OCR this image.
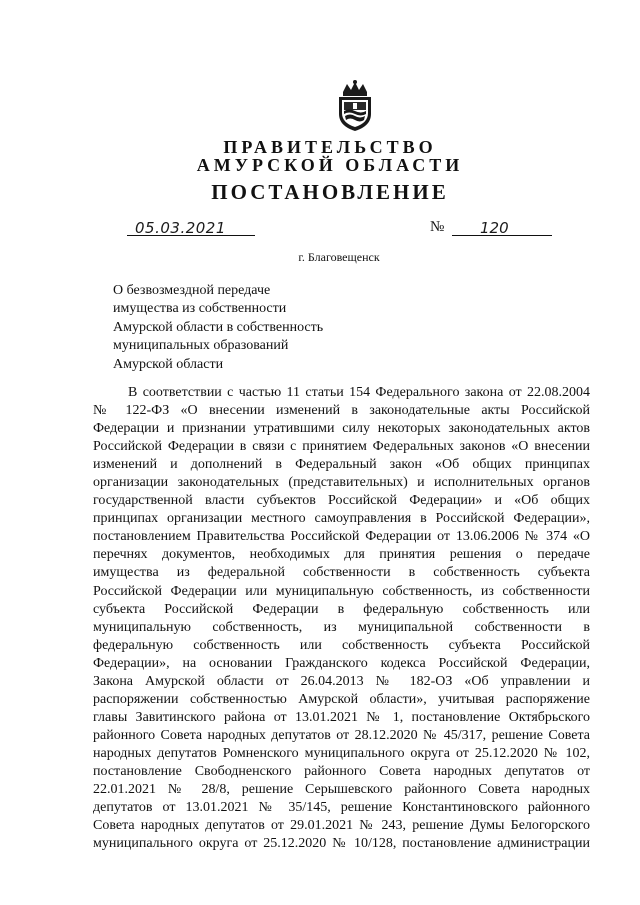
ПРАВИТЕЛЬСТВО
АМУРСКОЙ ОБЛАСТИ
ПОСТАНОВЛЕНИЕ
05.03.2021	№	120
г. Благовещенск
О безвозмездной передаче
имущества из собственности
Амурской области в собственность
муниципальных образований
Амурской области
В соответствии с частью 11 статьи 154 Федерального закона от 22.08.2004
№ 122-ФЗ «О внесении изменений в законодательные акты Российской
Федерации и признании утратившими силу некоторых законодательных актов
Российской Федерации в связи с принятием Федеральных законов «О внесении
изменений и дополнений в Федеральный закон «Об общих принципах
организации законодательных (представительных) и исполнительных органов
государственной власти субъектов Российской Федерации» и «Об общих
принципах организации местного самоуправления в Российской Федерации»,
постановлением Правительства Российской Федерации от 13.06.2006 № 374 «О
перечнях документов, необходимых для принятия решения о передаче
имущества из федеральной собственности в собственность субъекта
Российской Федерации или муниципальную собственность, из собственности
субъекта Российской Федерации в федеральную собственность или
муниципальную собственность, из муниципальной собственности в
федеральную собственность или собственность субъекта Российской
Федерации», на основании Гражданского кодекса Российской Федерации,
Закона Амурской области от 26.04.2013 № 182-ОЗ «Об управлении и
распоряжении собственностью Амурской области», учитывая распоряжение
главы Завитинского района от 13.01.2021 № 1, постановление Октябрьского
районного Совета народных депутатов от 28.12.2020 № 45/317, решение Совета
народных депутатов Ромненского муниципального округа от 25.12.2020 № 102,
постановление Свободненского районного Совета народных депутатов от
22.01.2021 № 28/8, решение Серышевского районного Совета народных
депутатов от 13.01.2021 № 35/145, решение Константиновского районного
Совета народных депутатов от 29.01.2021 № 243, решение Думы Белогорского
муниципального округа от 25.12.2020 № 10/128, постановление администрации
